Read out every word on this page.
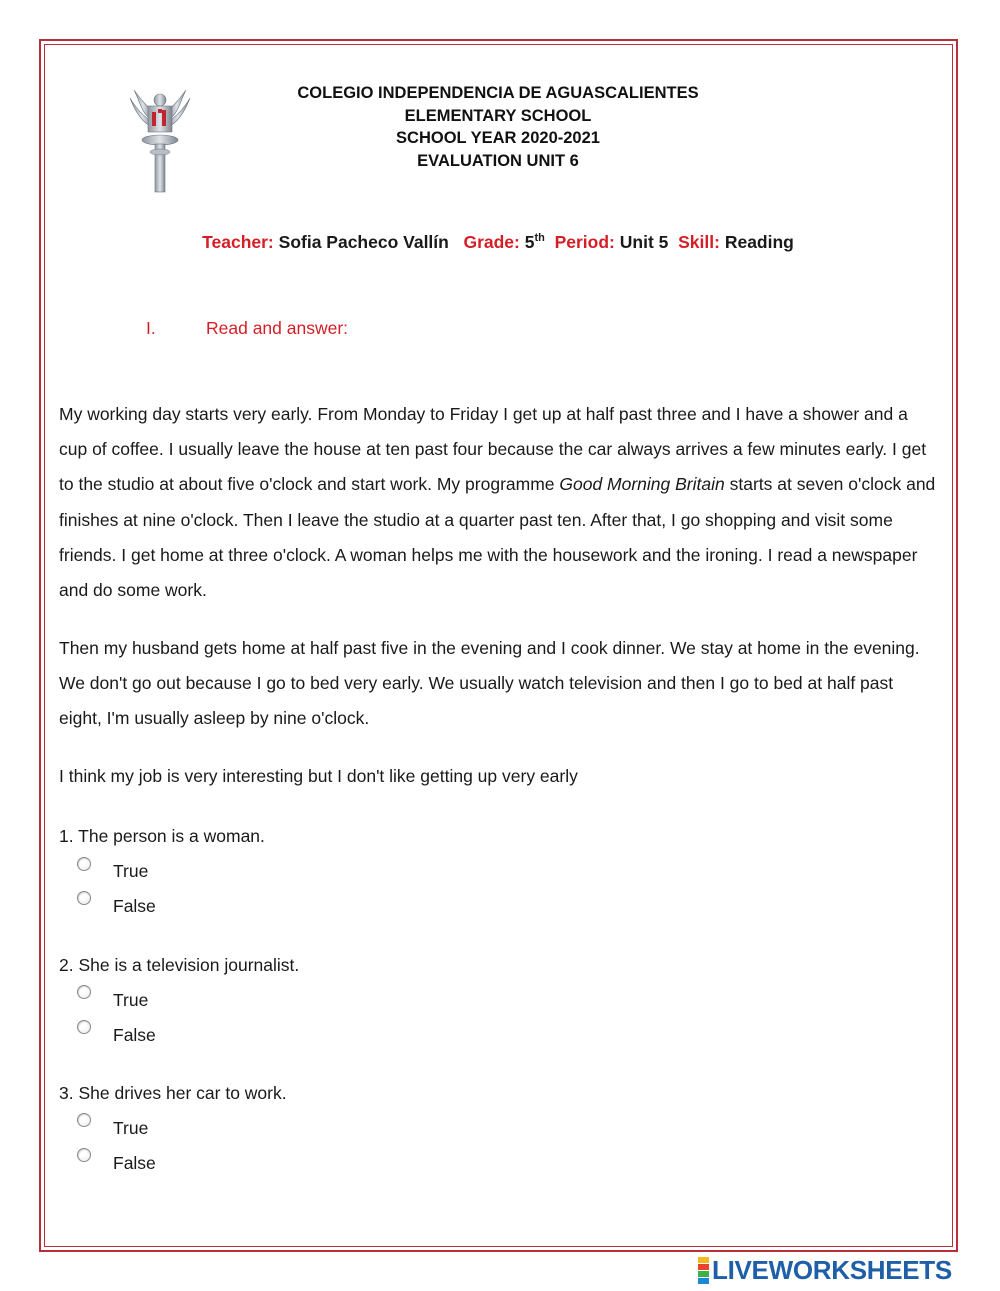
COLEGIO INDEPENDENCIA DE AGUASCALIENTES
ELEMENTARY SCHOOL
SCHOOL YEAR 2020-2021
EVALUATION UNIT 6
Teacher: Sofia Pacheco Vallín Grade: 5th Period: Unit 5 Skill: Reading
I.	Read and answer:
My working day starts very early. From Monday to Friday I get up at half past three and I have a shower and a cup of coffee. I usually leave the house at ten past four because the car always arrives a few minutes early. I get to the studio at about five o'clock and start work. My programme Good Morning Britain starts at seven o'clock and finishes at nine o'clock. Then I leave the studio at a quarter past ten. After that, I go shopping and visit some friends. I get home at three o'clock. A woman helps me with the housework and the ironing. I read a newspaper and do some work.
Then my husband gets home at half past five in the evening and I cook dinner. We stay at home in the evening. We don't go out because I go to bed very early. We usually watch television and then I go to bed at half past eight, I'm usually asleep by nine o'clock.
I think my job is very interesting but I don't like getting up very early
1. The person is a woman.
True
False
2. She is a television journalist.
True
False
3. She drives her car to work.
True
False
LIVEWORKSHEETS
